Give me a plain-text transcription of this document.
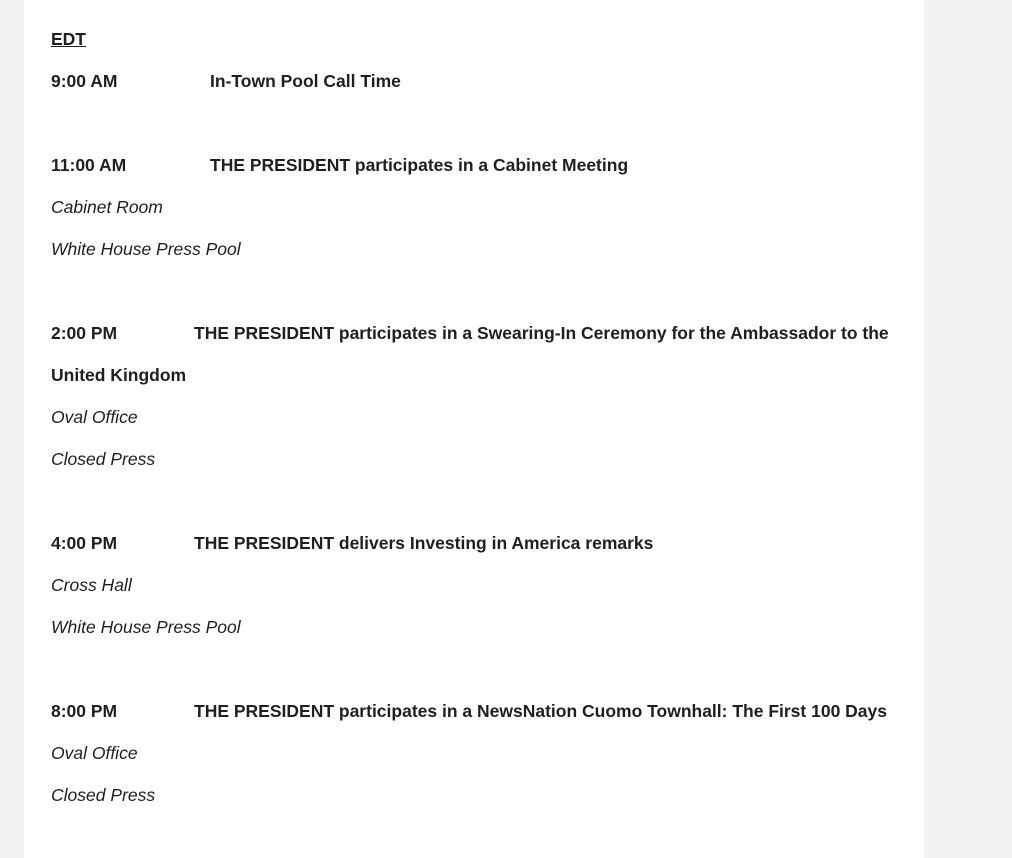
EDT

9:00 AM	In-Town Pool Call Time

11:00 AM	THE PRESIDENT participates in a Cabinet Meeting

Cabinet Room

White House Press Pool

2:00 PM	THE PRESIDENT participates in a Swearing-In Ceremony for the Ambassador to the United Kingdom

Oval Office

Closed Press

4:00 PM	THE PRESIDENT delivers Investing in America remarks

Cross Hall

White House Press Pool

8:00 PM	THE PRESIDENT participates in a NewsNation Cuomo Townhall: The First 100 Days

Oval Office

Closed Press
